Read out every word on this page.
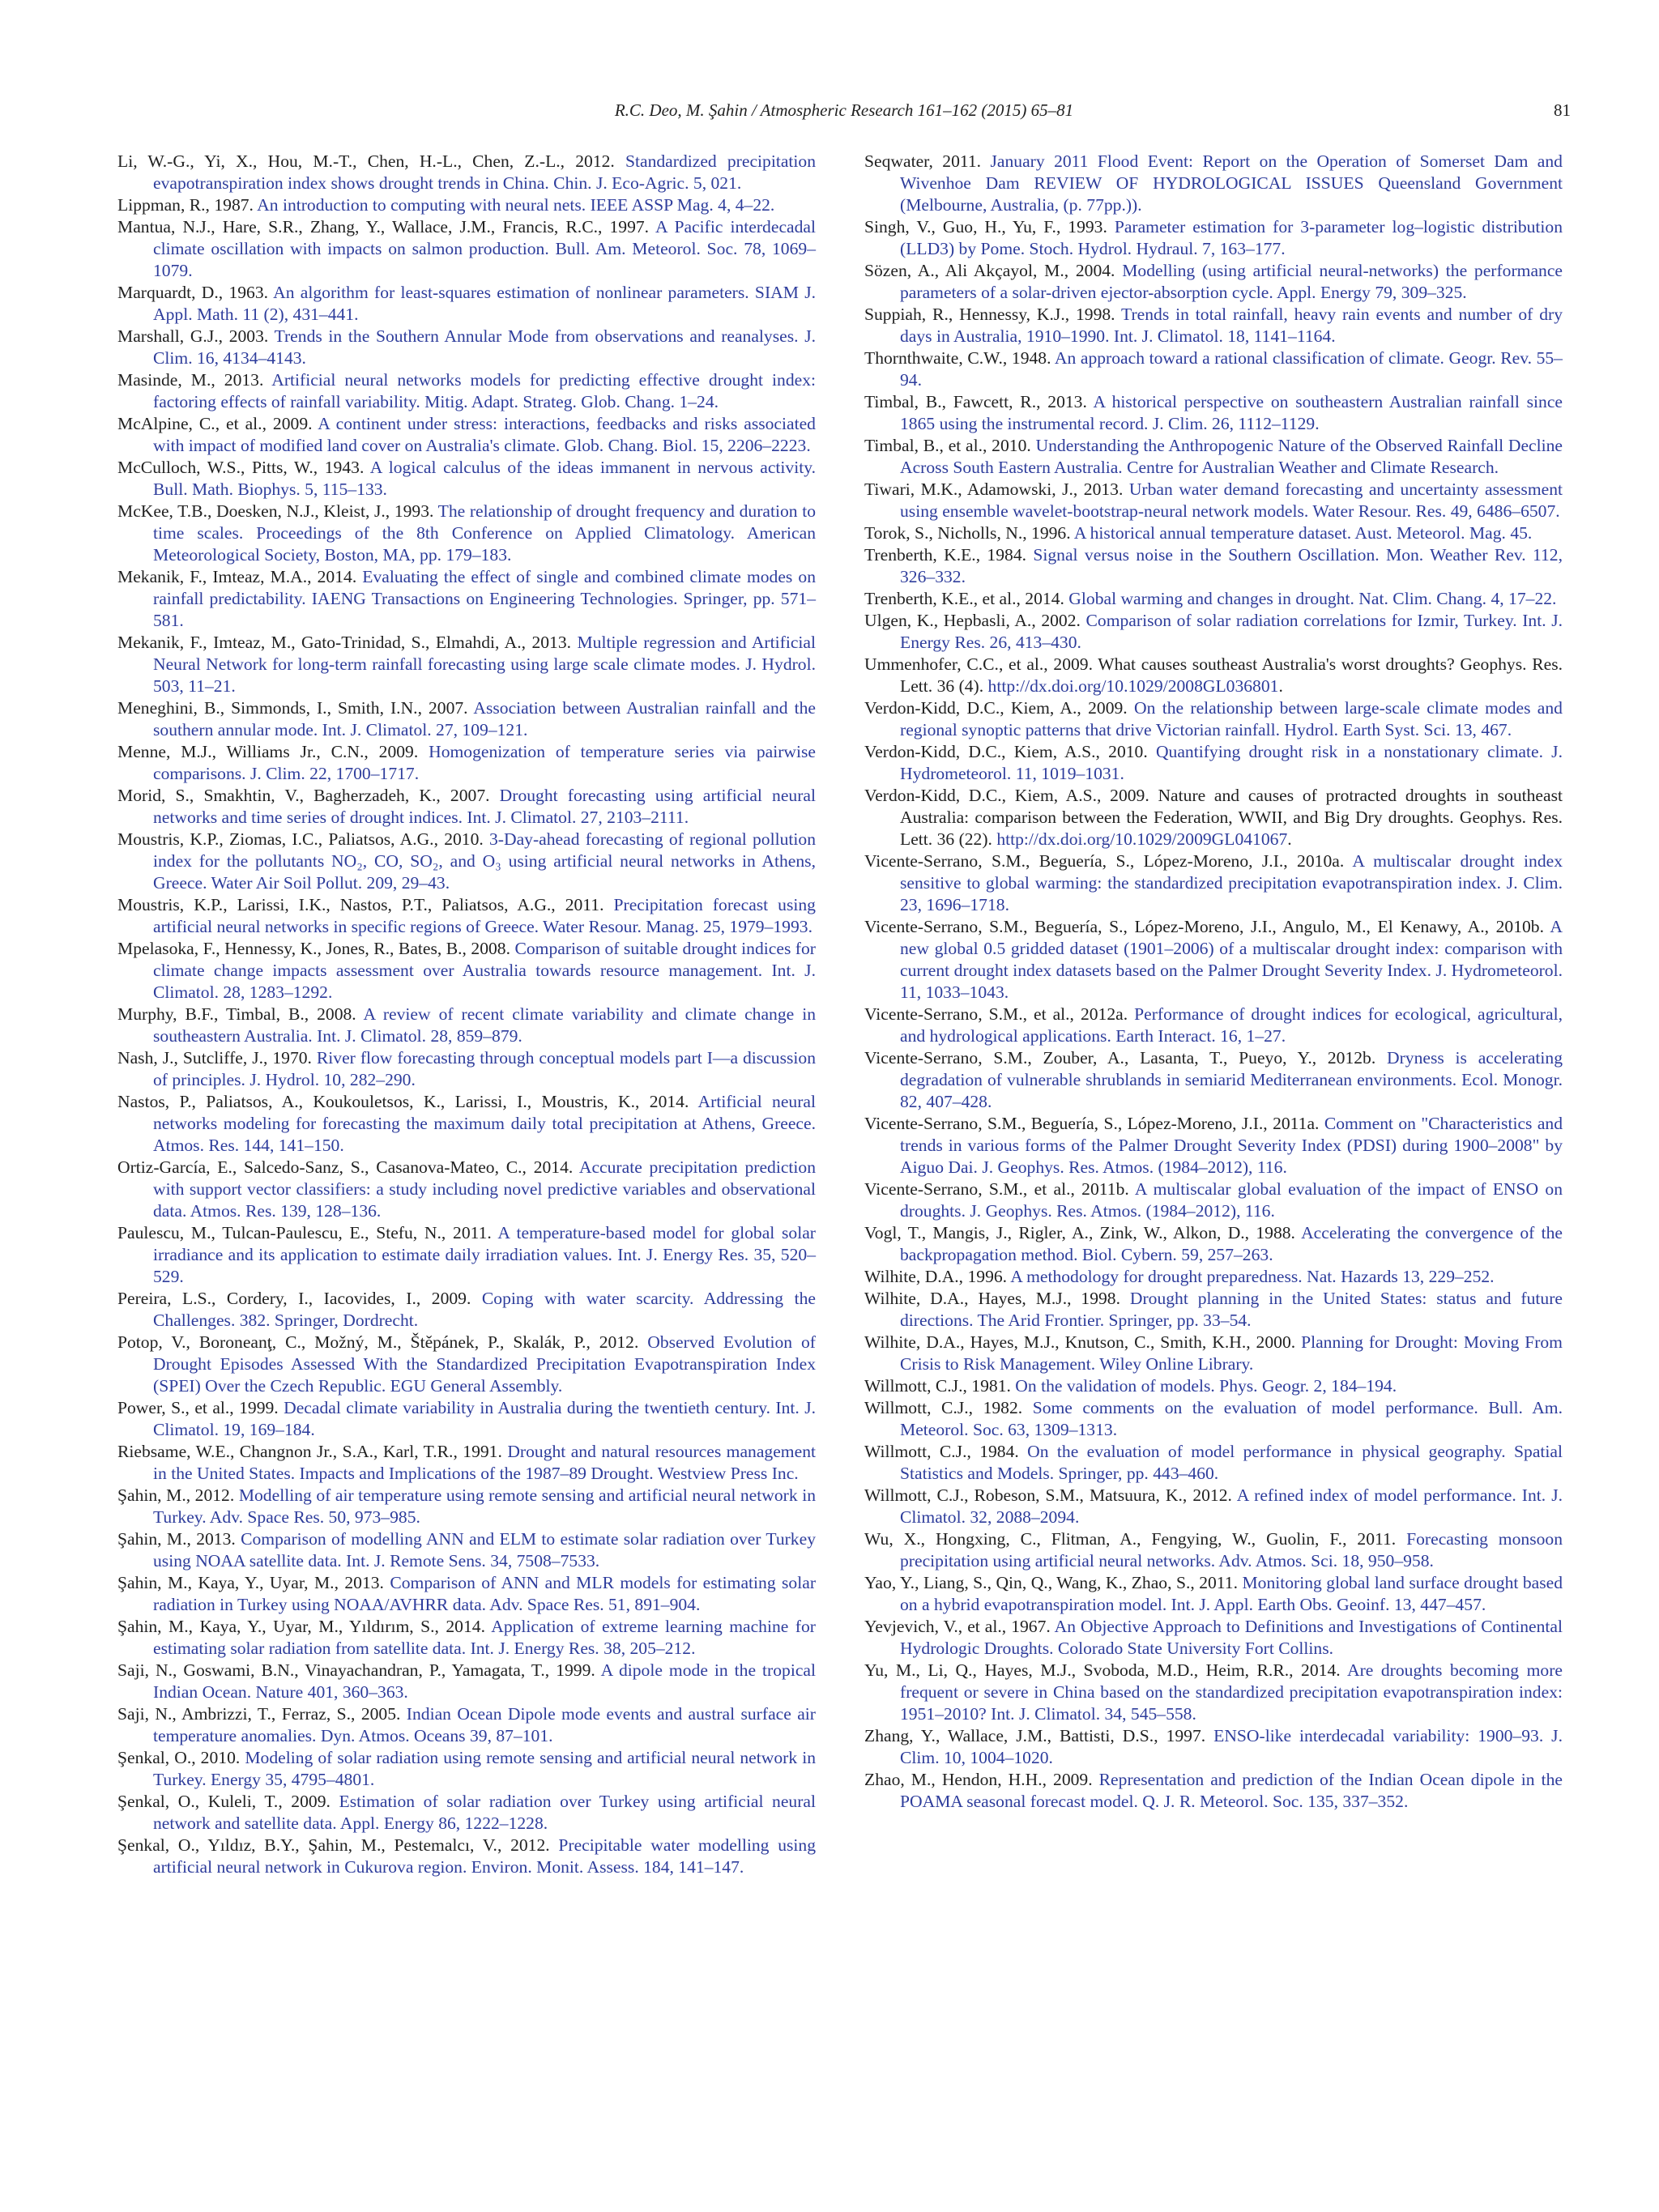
R.C. Deo, M. Şahin / Atmospheric Research 161–162 (2015) 65–81	81

Li, W.-G., Yi, X., Hou, M.-T., Chen, H.-L., Chen, Z.-L., 2012. Standardized precipitation evapotranspiration index shows drought trends in China. Chin. J. Eco-Agric. 5, 021.

Lippman, R., 1987. An introduction to computing with neural nets. IEEE ASSP Mag. 4, 4–22.

Mantua, N.J., Hare, S.R., Zhang, Y., Wallace, J.M., Francis, R.C., 1997. A Pacific interdecadal climate oscillation with impacts on salmon production. Bull. Am. Meteorol. Soc. 78, 1069–1079.

Marquardt, D., 1963. An algorithm for least-squares estimation of nonlinear parameters. SIAM J. Appl. Math. 11 (2), 431–441.

Marshall, G.J., 2003. Trends in the Southern Annular Mode from observations and reanalyses. J. Clim. 16, 4134–4143.

Masinde, M., 2013. Artificial neural networks models for predicting effective drought index: factoring effects of rainfall variability. Mitig. Adapt. Strateg. Glob. Chang. 1–24.

McAlpine, C., et al., 2009. A continent under stress: interactions, feedbacks and risks associated with impact of modified land cover on Australia's climate. Glob. Chang. Biol. 15, 2206–2223.

McCulloch, W.S., Pitts, W., 1943. A logical calculus of the ideas immanent in nervous activity. Bull. Math. Biophys. 5, 115–133.

McKee, T.B., Doesken, N.J., Kleist, J., 1993. The relationship of drought frequency and duration to time scales. Proceedings of the 8th Conference on Applied Climatology. American Meteorological Society, Boston, MA, pp. 179–183.

Mekanik, F., Imteaz, M.A., 2014. Evaluating the effect of single and combined climate modes on rainfall predictability. IAENG Transactions on Engineering Technologies. Springer, pp. 571–581.

Mekanik, F., Imteaz, M., Gato-Trinidad, S., Elmahdi, A., 2013. Multiple regression and Artificial Neural Network for long-term rainfall forecasting using large scale climate modes. J. Hydrol. 503, 11–21.

Meneghini, B., Simmonds, I., Smith, I.N., 2007. Association between Australian rainfall and the southern annular mode. Int. J. Climatol. 27, 109–121.

Menne, M.J., Williams Jr., C.N., 2009. Homogenization of temperature series via pairwise comparisons. J. Clim. 22, 1700–1717.

Morid, S., Smakhtin, V., Bagherzadeh, K., 2007. Drought forecasting using artificial neural networks and time series of drought indices. Int. J. Climatol. 27, 2103–2111.

Moustris, K.P., Ziomas, I.C., Paliatsos, A.G., 2010. 3-Day-ahead forecasting of regional pollution index for the pollutants NO₂, CO, SO₂, and O₃ using artificial neural networks in Athens, Greece. Water Air Soil Pollut. 209, 29–43.

Moustris, K.P., Larissi, I.K., Nastos, P.T., Paliatsos, A.G., 2011. Precipitation forecast using artificial neural networks in specific regions of Greece. Water Resour. Manag. 25, 1979–1993.

Mpelasoka, F., Hennessy, K., Jones, R., Bates, B., 2008. Comparison of suitable drought indices for climate change impacts assessment over Australia towards resource management. Int. J. Climatol. 28, 1283–1292.

Murphy, B.F., Timbal, B., 2008. A review of recent climate variability and climate change in southeastern Australia. Int. J. Climatol. 28, 859–879.

Nash, J., Sutcliffe, J., 1970. River flow forecasting through conceptual models part I—a discussion of principles. J. Hydrol. 10, 282–290.

Nastos, P., Paliatsos, A., Koukouletsos, K., Larissi, I., Moustris, K., 2014. Artificial neural networks modeling for forecasting the maximum daily total precipitation at Athens, Greece. Atmos. Res. 144, 141–150.

Ortiz-García, E., Salcedo-Sanz, S., Casanova-Mateo, C., 2014. Accurate precipitation prediction with support vector classifiers: a study including novel predictive variables and observational data. Atmos. Res. 139, 128–136.

Paulescu, M., Tulcan-Paulescu, E., Stefu, N., 2011. A temperature-based model for global solar irradiance and its application to estimate daily irradiation values. Int. J. Energy Res. 35, 520–529.

Pereira, L.S., Cordery, I., Iacovides, I., 2009. Coping with water scarcity. Addressing the Challenges. 382. Springer, Dordrecht.

Potop, V., Boroneanţ, C., Možný, M., Štěpánek, P., Skalák, P., 2012. Observed Evolution of Drought Episodes Assessed With the Standardized Precipitation Evapotranspiration Index (SPEI) Over the Czech Republic. EGU General Assembly.

Power, S., et al., 1999. Decadal climate variability in Australia during the twentieth century. Int. J. Climatol. 19, 169–184.

Riebsame, W.E., Changnon Jr., S.A., Karl, T.R., 1991. Drought and natural resources management in the United States. Impacts and Implications of the 1987–89 Drought. Westview Press Inc.

Şahin, M., 2012. Modelling of air temperature using remote sensing and artificial neural network in Turkey. Adv. Space Res. 50, 973–985.

Şahin, M., 2013. Comparison of modelling ANN and ELM to estimate solar radiation over Turkey using NOAA satellite data. Int. J. Remote Sens. 34, 7508–7533.

Şahin, M., Kaya, Y., Uyar, M., 2013. Comparison of ANN and MLR models for estimating solar radiation in Turkey using NOAA/AVHRR data. Adv. Space Res. 51, 891–904.

Şahin, M., Kaya, Y., Uyar, M., Yıldırım, S., 2014. Application of extreme learning machine for estimating solar radiation from satellite data. Int. J. Energy Res. 38, 205–212.

Saji, N., Goswami, B.N., Vinayachandran, P., Yamagata, T., 1999. A dipole mode in the tropical Indian Ocean. Nature 401, 360–363.

Saji, N., Ambrizzi, T., Ferraz, S., 2005. Indian Ocean Dipole mode events and austral surface air temperature anomalies. Dyn. Atmos. Oceans 39, 87–101.

Şenkal, O., 2010. Modeling of solar radiation using remote sensing and artificial neural network in Turkey. Energy 35, 4795–4801.

Şenkal, O., Kuleli, T., 2009. Estimation of solar radiation over Turkey using artificial neural network and satellite data. Appl. Energy 86, 1222–1228.

Şenkal, O., Yıldız, B.Y., Şahin, M., Pestemalcı, V., 2012. Precipitable water modelling using artificial neural network in Cukurova region. Environ. Monit. Assess. 184, 141–147.

Seqwater, 2011. January 2011 Flood Event: Report on the Operation of Somerset Dam and Wivenhoe Dam REVIEW OF HYDROLOGICAL ISSUES Queensland Government (Melbourne, Australia, (p. 77pp.)).

Singh, V., Guo, H., Yu, F., 1993. Parameter estimation for 3-parameter log–logistic distribution (LLD3) by Pome. Stoch. Hydrol. Hydraul. 7, 163–177.

Sözen, A., Ali Akçayol, M., 2004. Modelling (using artificial neural-networks) the performance parameters of a solar-driven ejector-absorption cycle. Appl. Energy 79, 309–325.

Suppiah, R., Hennessy, K.J., 1998. Trends in total rainfall, heavy rain events and number of dry days in Australia, 1910–1990. Int. J. Climatol. 18, 1141–1164.

Thornthwaite, C.W., 1948. An approach toward a rational classification of climate. Geogr. Rev. 55–94.

Timbal, B., Fawcett, R., 2013. A historical perspective on southeastern Australian rainfall since 1865 using the instrumental record. J. Clim. 26, 1112–1129.

Timbal, B., et al., 2010. Understanding the Anthropogenic Nature of the Observed Rainfall Decline Across South Eastern Australia. Centre for Australian Weather and Climate Research.

Tiwari, M.K., Adamowski, J., 2013. Urban water demand forecasting and uncertainty assessment using ensemble wavelet-bootstrap-neural network models. Water Resour. Res. 49, 6486–6507.

Torok, S., Nicholls, N., 1996. A historical annual temperature dataset. Aust. Meteorol. Mag. 45.

Trenberth, K.E., 1984. Signal versus noise in the Southern Oscillation. Mon. Weather Rev. 112, 326–332.

Trenberth, K.E., et al., 2014. Global warming and changes in drought. Nat. Clim. Chang. 4, 17–22.

Ulgen, K., Hepbasli, A., 2002. Comparison of solar radiation correlations for Izmir, Turkey. Int. J. Energy Res. 26, 413–430.

Ummenhofer, C.C., et al., 2009. What causes southeast Australia's worst droughts? Geophys. Res. Lett. 36 (4). http://dx.doi.org/10.1029/2008GL036801.

Verdon-Kidd, D.C., Kiem, A., 2009. On the relationship between large-scale climate modes and regional synoptic patterns that drive Victorian rainfall. Hydrol. Earth Syst. Sci. 13, 467.

Verdon-Kidd, D.C., Kiem, A.S., 2010. Quantifying drought risk in a nonstationary climate. J. Hydrometeorol. 11, 1019–1031.

Verdon-Kidd, D.C., Kiem, A.S., 2009. Nature and causes of protracted droughts in southeast Australia: comparison between the Federation, WWII, and Big Dry droughts. Geophys. Res. Lett. 36 (22). http://dx.doi.org/10.1029/2009GL041067.

Vicente-Serrano, S.M., Beguería, S., López-Moreno, J.I., 2010a. A multiscalar drought index sensitive to global warming: the standardized precipitation evapotranspiration index. J. Clim. 23, 1696–1718.

Vicente-Serrano, S.M., Beguería, S., López-Moreno, J.I., Angulo, M., El Kenawy, A., 2010b. A new global 0.5 gridded dataset (1901–2006) of a multiscalar drought index: comparison with current drought index datasets based on the Palmer Drought Severity Index. J. Hydrometeorol. 11, 1033–1043.

Vicente-Serrano, S.M., et al., 2012a. Performance of drought indices for ecological, agricultural, and hydrological applications. Earth Interact. 16, 1–27.

Vicente-Serrano, S.M., Zouber, A., Lasanta, T., Pueyo, Y., 2012b. Dryness is accelerating degradation of vulnerable shrublands in semiarid Mediterranean environments. Ecol. Monogr. 82, 407–428.

Vicente-Serrano, S.M., Beguería, S., López-Moreno, J.I., 2011a. Comment on "Characteristics and trends in various forms of the Palmer Drought Severity Index (PDSI) during 1900–2008" by Aiguo Dai. J. Geophys. Res. Atmos. (1984–2012), 116.

Vicente-Serrano, S.M., et al., 2011b. A multiscalar global evaluation of the impact of ENSO on droughts. J. Geophys. Res. Atmos. (1984–2012), 116.

Vogl, T., Mangis, J., Rigler, A., Zink, W., Alkon, D., 1988. Accelerating the convergence of the backpropagation method. Biol. Cybern. 59, 257–263.

Wilhite, D.A., 1996. A methodology for drought preparedness. Nat. Hazards 13, 229–252.

Wilhite, D.A., Hayes, M.J., 1998. Drought planning in the United States: status and future directions. The Arid Frontier. Springer, pp. 33–54.

Wilhite, D.A., Hayes, M.J., Knutson, C., Smith, K.H., 2000. Planning for Drought: Moving From Crisis to Risk Management. Wiley Online Library.

Willmott, C.J., 1981. On the validation of models. Phys. Geogr. 2, 184–194.

Willmott, C.J., 1982. Some comments on the evaluation of model performance. Bull. Am. Meteorol. Soc. 63, 1309–1313.

Willmott, C.J., 1984. On the evaluation of model performance in physical geography. Spatial Statistics and Models. Springer, pp. 443–460.

Willmott, C.J., Robeson, S.M., Matsuura, K., 2012. A refined index of model performance. Int. J. Climatol. 32, 2088–2094.

Wu, X., Hongxing, C., Flitman, A., Fengying, W., Guolin, F., 2011. Forecasting monsoon precipitation using artificial neural networks. Adv. Atmos. Sci. 18, 950–958.

Yao, Y., Liang, S., Qin, Q., Wang, K., Zhao, S., 2011. Monitoring global land surface drought based on a hybrid evapotranspiration model. Int. J. Appl. Earth Obs. Geoinf. 13, 447–457.

Yevjevich, V., et al., 1967. An Objective Approach to Definitions and Investigations of Continental Hydrologic Droughts. Colorado State University Fort Collins.

Yu, M., Li, Q., Hayes, M.J., Svoboda, M.D., Heim, R.R., 2014. Are droughts becoming more frequent or severe in China based on the standardized precipitation evapotranspiration index: 1951–2010? Int. J. Climatol. 34, 545–558.

Zhang, Y., Wallace, J.M., Battisti, D.S., 1997. ENSO-like interdecadal variability: 1900–93. J. Clim. 10, 1004–1020.

Zhao, M., Hendon, H.H., 2009. Representation and prediction of the Indian Ocean dipole in the POAMA seasonal forecast model. Q. J. R. Meteorol. Soc. 135, 337–352.
